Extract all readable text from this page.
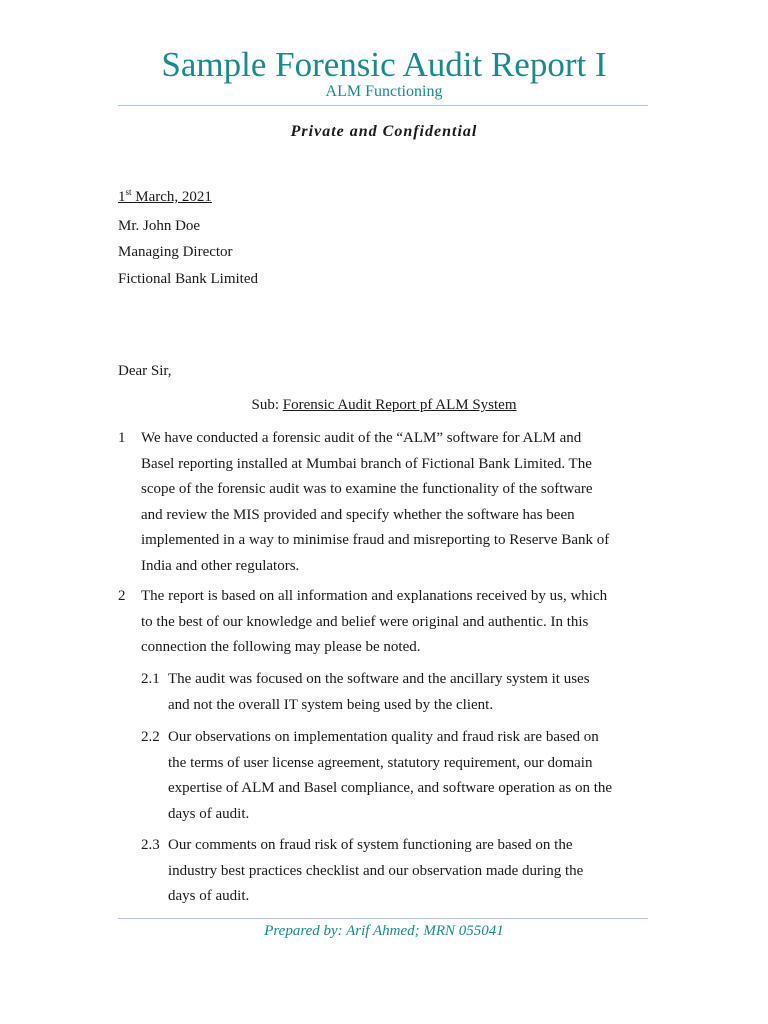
Sample Forensic Audit Report I
ALM Functioning
Private and Confidential
1st March, 2021
Mr. John Doe
Managing Director
Fictional Bank Limited
Dear Sir,
Sub: Forensic Audit Report pf ALM System
1 We have conducted a forensic audit of the “ALM” software for ALM and
Basel reporting installed at Mumbai branch of Fictional Bank Limited. The
scope of the forensic audit was to examine the functionality of the software
and review the MIS provided and specify whether the software has been
implemented in a way to minimise fraud and misreporting to Reserve Bank of
India and other regulators.
2 The report is based on all information and explanations received by us, which
to the best of our knowledge and belief were original and authentic. In this
connection the following may please be noted.
2.1 The audit was focused on the software and the ancillary system it uses
and not the overall IT system being used by the client.
2.2 Our observations on implementation quality and fraud risk are based on
the terms of user license agreement, statutory requirement, our domain
expertise of ALM and Basel compliance, and software operation as on the
days of audit.
2.3 Our comments on fraud risk of system functioning are based on the
industry best practices checklist and our observation made during the
days of audit.
Prepared by: Arif Ahmed; MRN 055041
